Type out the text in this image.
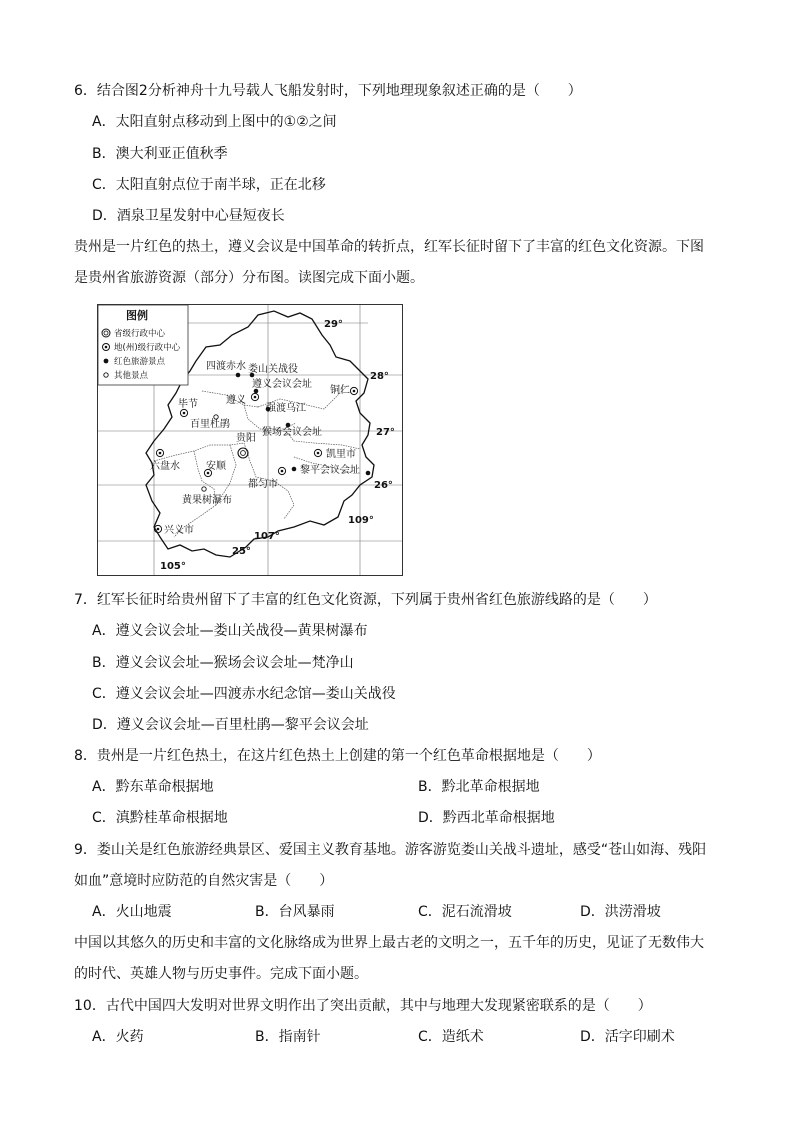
6．结合图2分析神舟十九号载人飞船发射时，下列地理现象叙述正确的是（　　）
A．太阳直射点移动到上图中的①②之间
B．澳大利亚正值秋季
C．太阳直射点位于南半球，正在北移
D．酒泉卫星发射中心昼短夜长
贵州是一片红色的热土，遵义会议是中国革命的转折点，红军长征时留下了丰富的红色文化资源。下图
是贵州省旅游资源（部分）分布图。读图完成下面小题。
图例
省级行政中心
地(州)级行政中心
红色旅游景点
其他景点
29°
28°
27°
26°
25°
105°
107°
109°
四渡赤水 娄山关战役
遵义会议会址
遵义
铜仁
毕节	强渡乌江
百里杜鹃
猴场会议会址
贵阳
凯里市
六盘水	安顺	黎平会议会址
都匀市
黄果树瀑布
兴义市
7．红军长征时给贵州留下了丰富的红色文化资源，下列属于贵州省红色旅游线路的是（　　）
A．遵义会议会址—娄山关战役—黄果树瀑布
B．遵义会议会址—猴场会议会址—梵净山
C．遵义会议会址—四渡赤水纪念馆—娄山关战役
D．遵义会议会址—百里杜鹃—黎平会议会址
8．贵州是一片红色热土，在这片红色热土上创建的第一个红色革命根据地是（　　）
A．黔东革命根据地	B．黔北革命根据地
C．滇黔桂革命根据地	D．黔西北革命根据地
9．娄山关是红色旅游经典景区、爱国主义教育基地。游客游览娄山关战斗遗址，感受“苍山如海、残阳
如血”意境时应防范的自然灾害是（　　）
A．火山地震	B．台风暴雨	C．泥石流滑坡	D．洪涝滑坡
中国以其悠久的历史和丰富的文化脉络成为世界上最古老的文明之一，五千年的历史，见证了无数伟大
的时代、英雄人物与历史事件。完成下面小题。
10．古代中国四大发明对世界文明作出了突出贡献，其中与地理大发现紧密联系的是（　　）
A．火药	B．指南针	C．造纸术	D．活字印刷术
